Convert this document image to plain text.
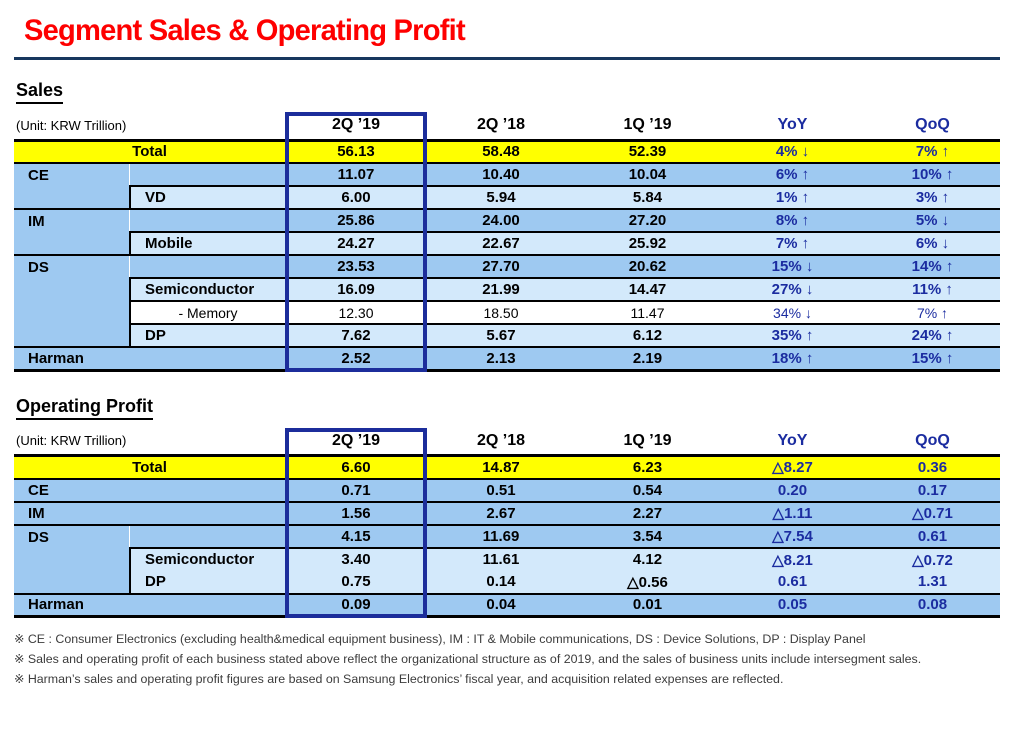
Segment Sales & Operating Profit
Sales
(Unit: KRW Trillion)		2Q ’19	2Q ’18	1Q ’19	YoY	QoQ
Total		56.13	58.48	52.39	4% ↓	7% ↑
CE		11.07	10.40	10.04	6% ↑	10% ↑
	VD	6.00	5.94	5.84	1% ↑	3% ↑
IM		25.86	24.00	27.20	8% ↑	5% ↓
	Mobile	24.27	22.67	25.92	7% ↑	6% ↓
DS		23.53	27.70	20.62	15% ↓	14% ↑
	Semiconductor	16.09	21.99	14.47	27% ↓	11% ↑
	- Memory	12.30	18.50	11.47	34% ↓	7% ↑
	DP	7.62	5.67	6.12	35% ↑	24% ↑
Harman		2.52	2.13	2.19	18% ↑	15% ↑
Operating Profit
(Unit: KRW Trillion)		2Q ’19	2Q ’18	1Q ’19	YoY	QoQ
Total		6.60	14.87	6.23	△8.27	0.36
CE		0.71	0.51	0.54	0.20	0.17
IM		1.56	2.67	2.27	△1.11	△0.71
DS		4.15	11.69	3.54	△7.54	0.61
	Semiconductor	3.40	11.61	4.12	△8.21	△0.72
	DP	0.75	0.14	△0.56	0.61	1.31
Harman		0.09	0.04	0.01	0.05	0.08
※ CE : Consumer Electronics (excluding health&medical equipment business), IM : IT & Mobile communications, DS : Device Solutions, DP : Display Panel
※ Sales and operating profit of each business stated above reflect the organizational structure as of 2019, and the sales of business units include intersegment sales.
※ Harman’s sales and operating profit figures are based on Samsung Electronics’ fiscal year, and acquisition related expenses are reflected.
